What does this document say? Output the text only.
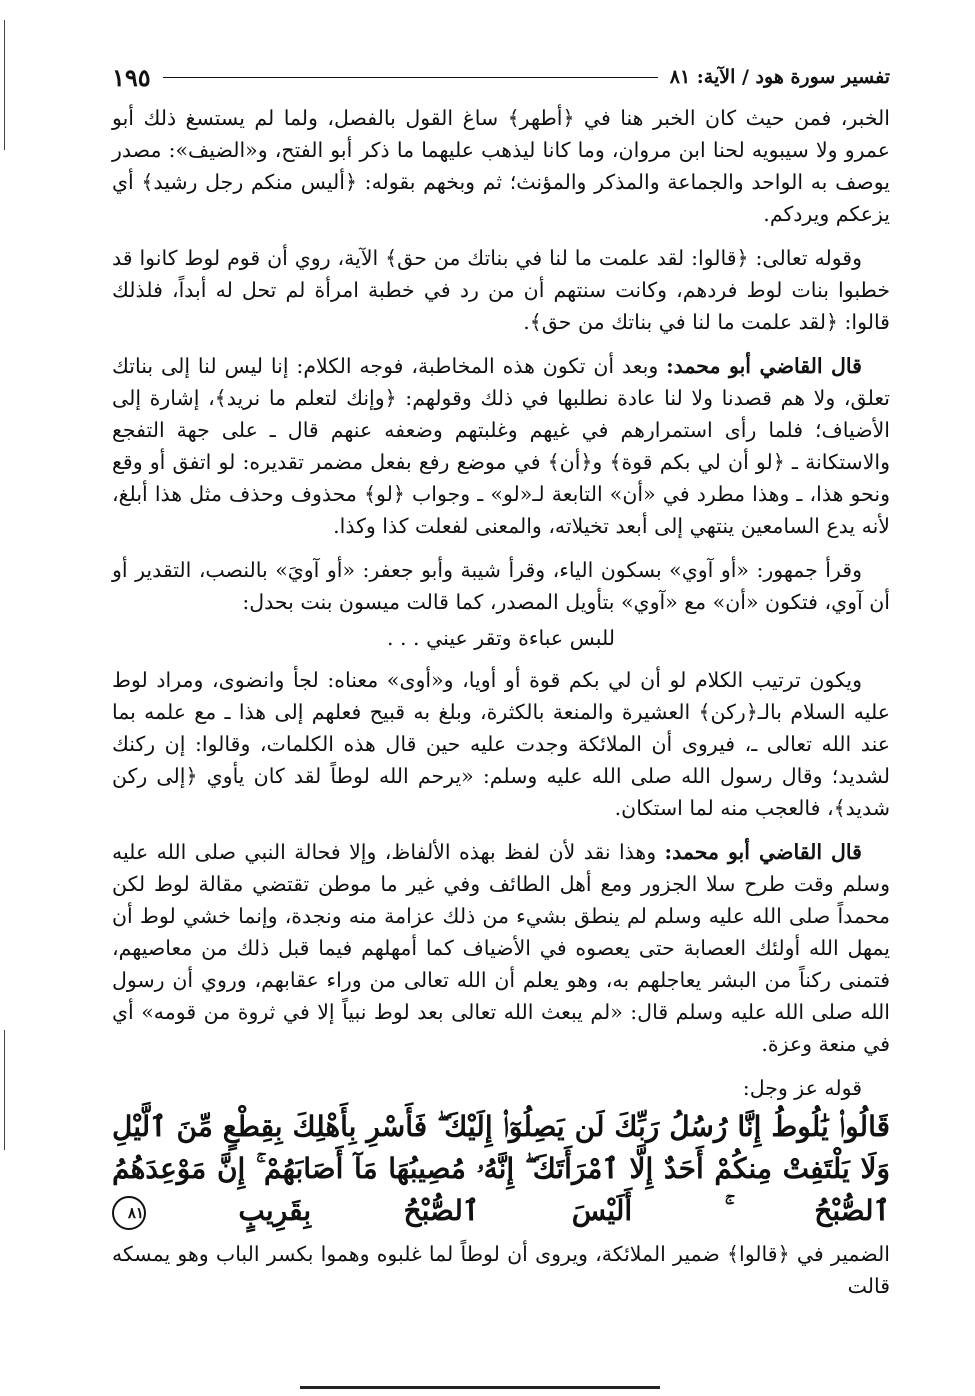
تفسير سورة هود / الآية: ٨١
١٩٥

الخبر، فمن حيث كان الخبر هنا في ﴿أطهر﴾ ساغ القول بالفصل، ولما لم يستسغ ذلك أبو عمرو ولا سيبويه لحنا ابن مروان، وما كانا ليذهب عليهما ما ذكر أبو الفتح، و«الضيف»: مصدر يوصف به الواحد والجماعة والمذكر والمؤنث؛ ثم وبخهم بقوله: ﴿أليس منكم رجل رشيد﴾ أي يزعكم ويردكم.

وقوله تعالى: ﴿قالوا: لقد علمت ما لنا في بناتك من حق﴾ الآية، روي أن قوم لوط كانوا قد خطبوا بنات لوط فردهم، وكانت سنتهم أن من رد في خطبة امرأة لم تحل له أبداً، فلذلك قالوا: ﴿لقد علمت ما لنا في بناتك من حق﴾.

قال القاضي أبو محمد: وبعد أن تكون هذه المخاطبة، فوجه الكلام: إنا ليس لنا إلى بناتك تعلق، ولا هم قصدنا ولا لنا عادة نطلبها في ذلك وقولهم: ﴿وإنك لتعلم ما نريد﴾، إشارة إلى الأضياف؛ فلما رأى استمرارهم في غيهم وغلبتهم وضعفه عنهم قال ـ على جهة التفجع والاستكانة ـ ﴿لو أن لي بكم قوة﴾ و﴿أن﴾ في موضع رفع بفعل مضمر تقديره: لو اتفق أو وقع ونحو هذا، ـ وهذا مطرد في «أن» التابعة لـ«لو» ـ وجواب ﴿لو﴾ محذوف وحذف مثل هذا أبلغ، لأنه يدع السامعين ينتهي إلى أبعد تخيلاته، والمعنى لفعلت كذا وكذا.

وقرأ جمهور: «أو آوي» بسكون الياء، وقرأ شيبة وأبو جعفر: «أو آويَ» بالنصب، التقدير أو أن آوي، فتكون «أن» مع «آوي» بتأويل المصدر، كما قالت ميسون بنت بحدل:

للبس عباءة وتقر عيني . . .

ويكون ترتيب الكلام لو أن لي بكم قوة أو أويا، و«أوى» معناه: لجأ وانضوى، ومراد لوط عليه السلام بالـ﴿ركن﴾ العشيرة والمنعة بالكثرة، وبلغ به قبيح فعلهم إلى هذا ـ مع علمه بما عند الله تعالى ـ، فيروى أن الملائكة وجدت عليه حين قال هذه الكلمات، وقالوا: إن ركنك لشديد؛ وقال رسول الله صلى الله عليه وسلم: «يرحم الله لوطاً لقد كان يأوي ﴿إلى ركن شديد﴾، فالعجب منه لما استكان.

قال القاضي أبو محمد: وهذا نقد لأن لفظ بهذه الألفاظ، وإلا فحالة النبي صلى الله عليه وسلم وقت طرح سلا الجزور ومع أهل الطائف وفي غير ما موطن تقتضي مقالة لوط لكن محمداً صلى الله عليه وسلم لم ينطق بشيء من ذلك عزامة منه ونجدة، وإنما خشي لوط أن يمهل الله أولئك العصابة حتى يعصوه في الأضياف كما أمهلهم فيما قبل ذلك من معاصيهم، فتمنى ركناً من البشر يعاجلهم به، وهو يعلم أن الله تعالى من وراء عقابهم، وروي أن رسول الله صلى الله عليه وسلم قال: «لم يبعث الله تعالى بعد لوط نبياً إلا في ثروة من قومه» أي في منعة وعزة.

قوله عز وجل:

قَالُوا۟ يَٰلُوطُ إِنَّا رُسُلُ رَبِّكَ لَن يَصِلُوٓا۟ إِلَيْكَ ۖ فَأَسْرِ بِأَهْلِكَ بِقِطْعٍ مِّنَ ٱلَّيْلِ وَلَا يَلْتَفِتْ مِنكُمْ أَحَدٌ إِلَّا ٱمْرَأَتَكَ ۖ إِنَّهُۥ مُصِيبُهَا مَآ أَصَابَهُمْ ۚ إِنَّ مَوْعِدَهُمُ ٱلصُّبْحُ ۚ أَلَيْسَ ٱلصُّبْحُ بِقَرِيبٍ ٨١

الضمير في ﴿قالوا﴾ ضمير الملائكة، ويروى أن لوطاً لما غلبوه وهموا بكسر الباب وهو يمسكه قالت
